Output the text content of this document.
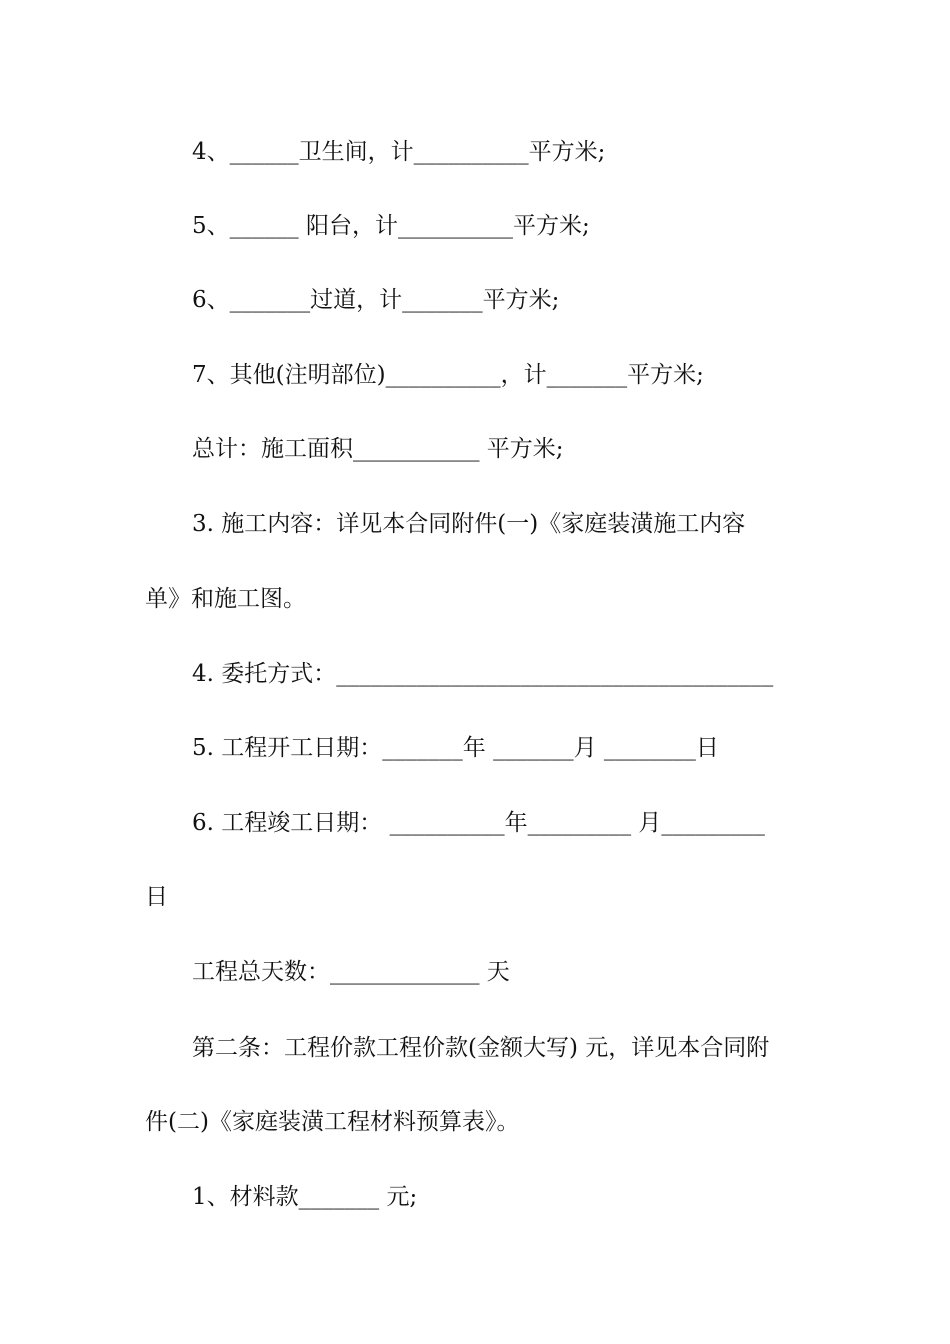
4、______卫生间，计__________平方米;
5、______ 阳台，计__________平方米;
6、_______过道，计_______平方米;
7、其他(注明部位)__________，计_______平方米;
总计：施工面积___________ 平方米;
3. 施工内容：详见本合同附件(一)《家庭装潢施工内容
单》和施工图。
4. 委托方式：______________________________________
5. 工程开工日期：_______年 _______月 ________日
6. 工程竣工日期： __________年_________ 月_________
日
工程总天数：_____________ 天
第二条：工程价款工程价款(金额大写) 元，详见本合同附
件(二)《家庭装潢工程材料预算表》。
1、材料款_______ 元;
